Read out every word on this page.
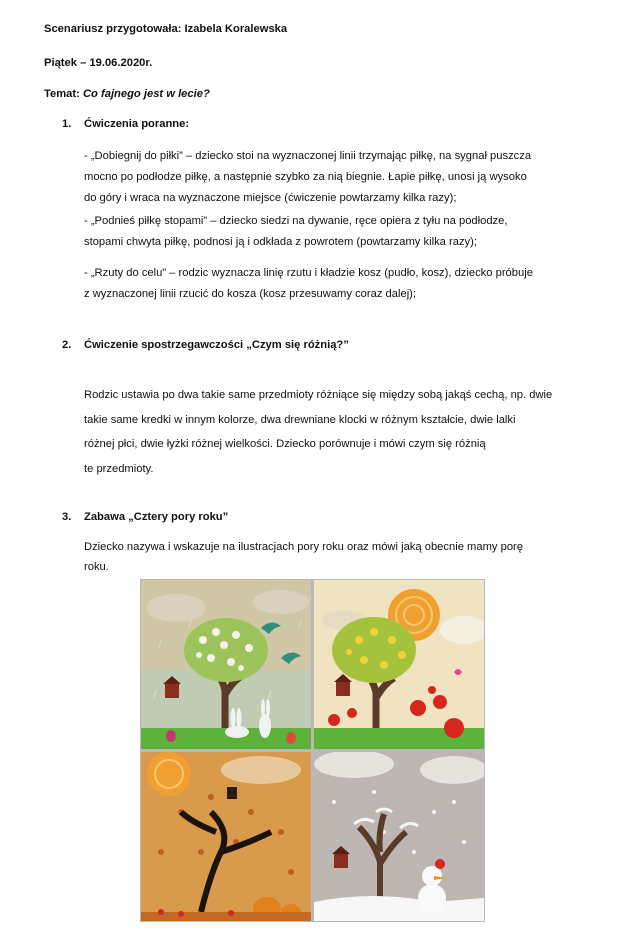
Scenariusz przygotowała: Izabela Koralewska
Piątek – 19.06.2020r.
Temat: Co fajnego jest w lecie?
1. Ćwiczenia poranne:
- „Dobiegnij do piłki” – dziecko stoi na wyznaczonej linii trzymając piłkę, na sygnał puszcza
mocno po podłodze piłkę, a następnie szybko za nią biegnie. Łapie piłkę, unosi ją wysoko
do góry i wraca na wyznaczone miejsce (ćwiczenie powtarzamy kilka razy);
- „Podnieś piłkę stopami” – dziecko siedzi na dywanie, ręce opiera z tyłu na podłodze,
stopami chwyta piłkę, podnosi ją i odkłada z powrotem (powtarzamy kilka razy);
- „Rzuty do celu” – rodzic wyznacza linię rzutu i kładzie kosz (pudło, kosz), dziecko próbuje
z wyznaczonej linii rzucić do kosza (kosz przesuwamy coraz dalej);
2. Ćwiczenie spostrzegawczości „Czym się różnią?”
Rodzic ustawia po dwa takie same przedmioty różniące się między sobą jakąś cechą, np. dwie
takie same kredki w innym kolorze, dwa drewniane klocki w różnym kształcie, dwie lalki
różnej płci, dwie łyżki różnej wielkości. Dziecko porównuje i mówi czym się różnią
te przedmioty.
3. Zabawa „Cztery pory roku”
Dziecko nazywa i wskazuje na ilustracjach pory roku oraz mówi jaką obecnie mamy porę
roku.
